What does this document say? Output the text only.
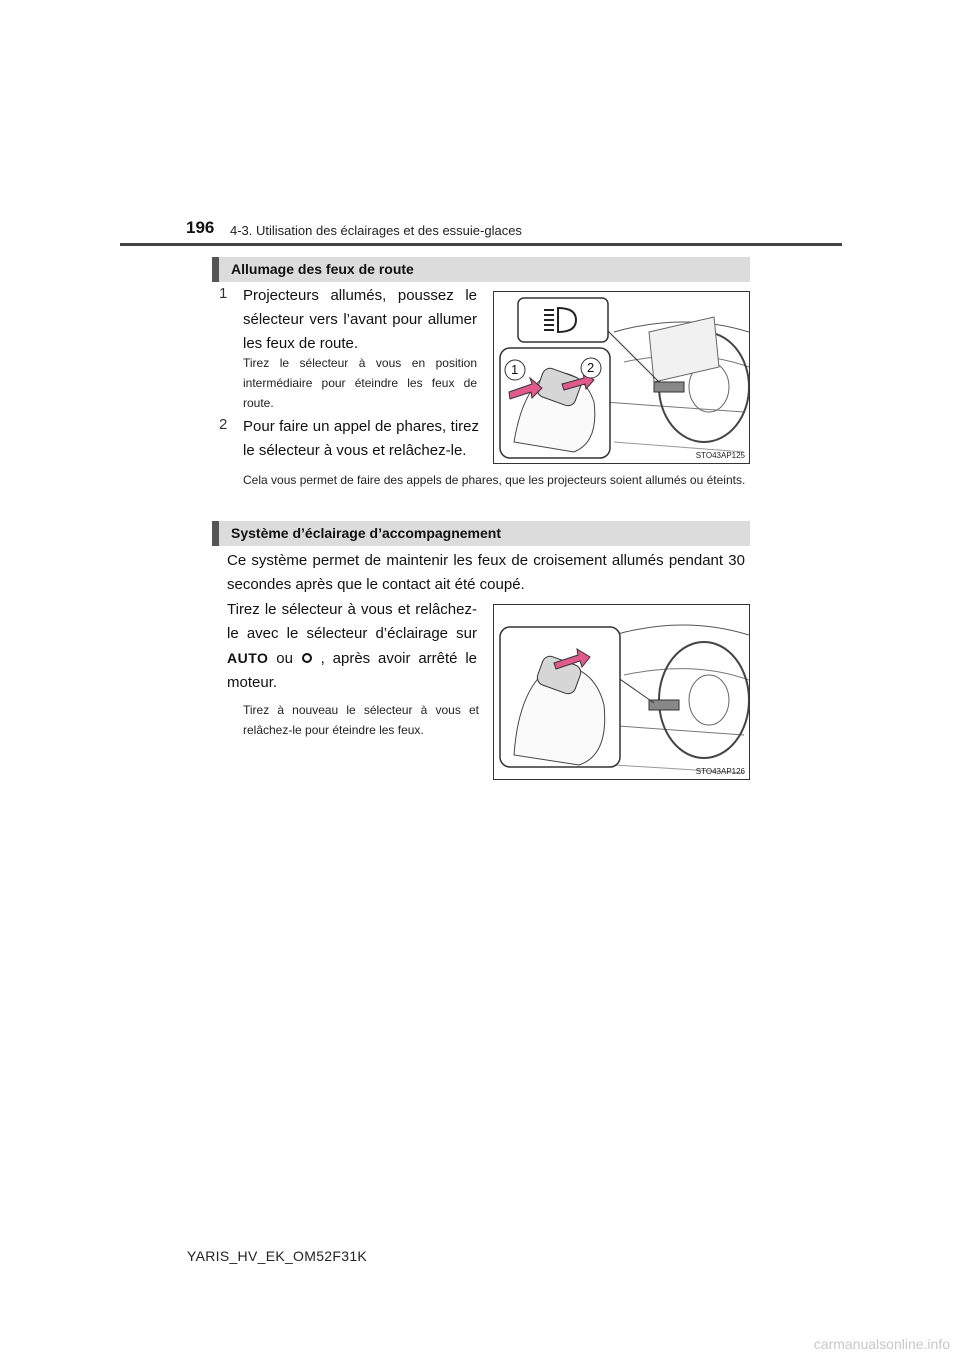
196 4-3. Utilisation des éclairages et des essuie-glaces
Allumage des feux de route
1 Projecteurs allumés, poussez le sélecteur vers l’avant pour allumer les feux de route.
Tirez le sélecteur à vous en position intermédiaire pour éteindre les feux de route.
2 Pour faire un appel de phares, tirez le sélecteur à vous et relâchez-le.
Cela vous permet de faire des appels de phares, que les projecteurs soient allumés ou éteints.
1	2
STO43AP125
Système d’éclairage d’accompagnement
Ce système permet de maintenir les feux de croisement allumés pendant 30 secondes après que le contact ait été coupé.
Tirez le sélecteur à vous et relâchez-le avec le sélecteur d’éclairage sur AUTO ou , après avoir arrêté le moteur.
Tirez à nouveau le sélecteur à vous et relâchez-le pour éteindre les feux.
STO43AP126
YARIS_HV_EK_OM52F31K
carmanualsonline.info
